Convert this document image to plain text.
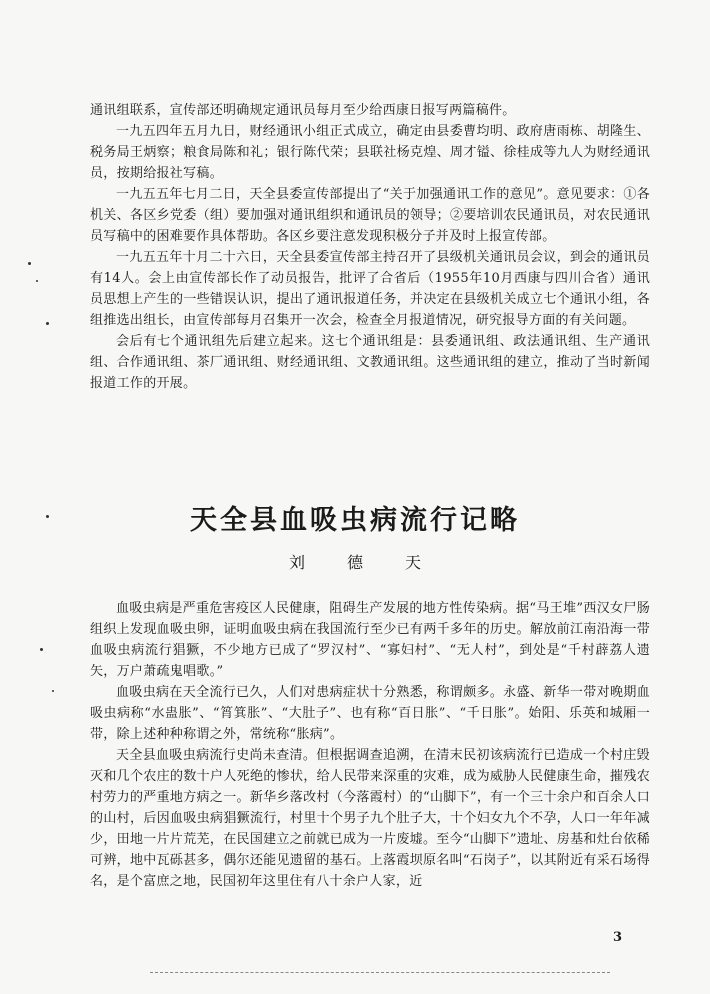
通讯组联系，宣传部还明确规定通讯员每月至少给西康日报写两篇稿件。

一九五四年五月九日，财经通讯小组正式成立，确定由县委曹均明、政府唐雨栋、胡隆生、税务局王炳察；粮食局陈和礼；银行陈代荣；县联社杨克煌、周才镒、徐桂成等九人为财经通讯员，按期给报社写稿。

一九五五年七月二日，天全县委宣传部提出了“关于加强通讯工作的意见”。意见要求：①各机关、各区乡党委（组）要加强对通讯组织和通讯员的领导；②要培训农民通讯员，对农民通讯员写稿中的困难要作具体帮助。各区乡要注意发现积极分子并及时上报宣传部。

一九五五年十月二十六日，天全县委宣传部主持召开了县级机关通讯员会议，到会的通讯员有14人。会上由宣传部长作了动员报告，批评了合省后（1955年10月西康与四川合省）通讯员思想上产生的一些错误认识，提出了通讯报道任务，并决定在县级机关成立七个通讯小组，各组推选出组长，由宣传部每月召集开一次会，检查全月报道情况，研究报导方面的有关问题。

会后有七个通讯组先后建立起来。这七个通讯组是：县委通讯组、政法通讯组、生产通讯组、合作通讯组、茶厂通讯组、财经通讯组、文教通讯组。这些通讯组的建立，推动了当时新闻报道工作的开展。

天全县血吸虫病流行记略

刘德天

血吸虫病是严重危害疫区人民健康，阻碍生产发展的地方性传染病。据“马王堆”西汉女尸肠组织上发现血吸虫卵，证明血吸虫病在我国流行至少已有两千多年的历史。解放前江南沿海一带血吸虫病流行猖獗，不少地方已成了“罗汉村”、“寡妇村”、“无人村”，到处是“千村薜荔人遗矢，万户萧疏鬼唱歌。”

血吸虫病在天全流行已久，人们对患病症状十分熟悉，称谓颇多。永盛、新华一带对晚期血吸虫病称“水蛊胀”、“筲箕胀”、“大肚子”、也有称“百日胀”、“千日胀”。始阳、乐英和城厢一带，除上述种种称谓之外，常统称“胀病”。

天全县血吸虫病流行史尚未查清。但根据调查追溯，在清末民初该病流行已造成一个村庄毁灭和几个农庄的数十户人死绝的惨状，给人民带来深重的灾难，成为威胁人民健康生命，摧残农村劳力的严重地方病之一。新华乡落改村（今落霞村）的“山脚下”，有一个三十余户和百余人口的山村，后因血吸虫病猖獗流行，村里十个男子九个肚子大，十个妇女九个不孕，人口一年年减少，田地一片片荒芜，在民国建立之前就已成为一片废墟。至今“山脚下”遗址、房基和灶台依稀可辨，地中瓦砾甚多，偶尔还能见遗留的基石。上落霞坝原名叫“石岗子”，以其附近有采石场得名，是个富庶之地，民国初年这里住有八十余户人家，近

3
